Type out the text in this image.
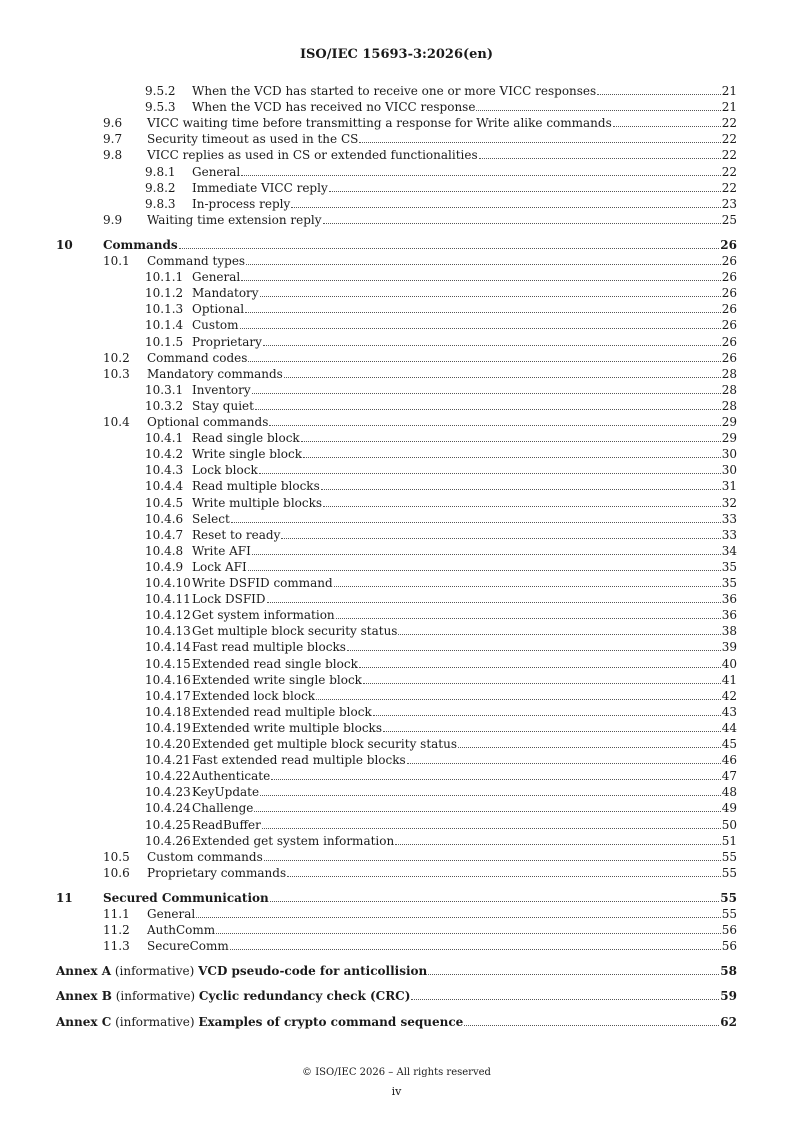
ISO/IEC 15693-3:2026(en)
9.5.2	When the VCD has started to receive one or more VICC responses	21
9.5.3	When the VCD has received no VICC response	21
9.6	VICC waiting time before transmitting a response for Write alike commands	22
9.7	Security timeout as used in the CS	22
9.8	VICC replies as used in CS or extended functionalities	22
9.8.1	General	22
9.8.2	Immediate VICC reply	22
9.8.3	In-process reply	23
9.9	Waiting time extension reply	25
10	Commands	26
10.1	Command types	26
10.1.1 General	26
10.1.2 Mandatory	26
10.1.3 Optional	26
10.1.4 Custom	26
10.1.5 Proprietary	26
10.2	Command codes	26
10.3	Mandatory commands	28
10.3.1 Inventory	28
10.3.2 Stay quiet	28
10.4	Optional commands	29
10.4.1 Read single block	29
10.4.2 Write single block	30
10.4.3 Lock block	30
10.4.4 Read multiple blocks	31
10.4.5 Write multiple blocks	32
10.4.6 Select	33
10.4.7 Reset to ready	33
10.4.8 Write AFI	34
10.4.9 Lock AFI	35
10.4.10 Write DSFID command	35
10.4.11 Lock DSFID	36
10.4.12 Get system information	36
10.4.13 Get multiple block security status	38
10.4.14 Fast read multiple blocks	39
10.4.15 Extended read single block	40
10.4.16 Extended write single block	41
10.4.17 Extended lock block	42
10.4.18 Extended read multiple block	43
10.4.19 Extended write multiple blocks	44
10.4.20 Extended get multiple block security status	45
10.4.21 Fast extended read multiple blocks	46
10.4.22 Authenticate	47
10.4.23 KeyUpdate	48
10.4.24 Challenge	49
10.4.25 ReadBuffer	50
10.4.26 Extended get system information	51
10.5	Custom commands	55
10.6	Proprietary commands	55
11	Secured Communication	55
11.1	General	55
11.2	AuthComm	56
11.3	SecureComm	56
Annex A (informative) VCD pseudo-code for anticollision	58
Annex B (informative) Cyclic redundancy check (CRC)	59
Annex C (informative) Examples of crypto command sequence	62
© ISO/IEC 2026 – All rights reserved
iv
